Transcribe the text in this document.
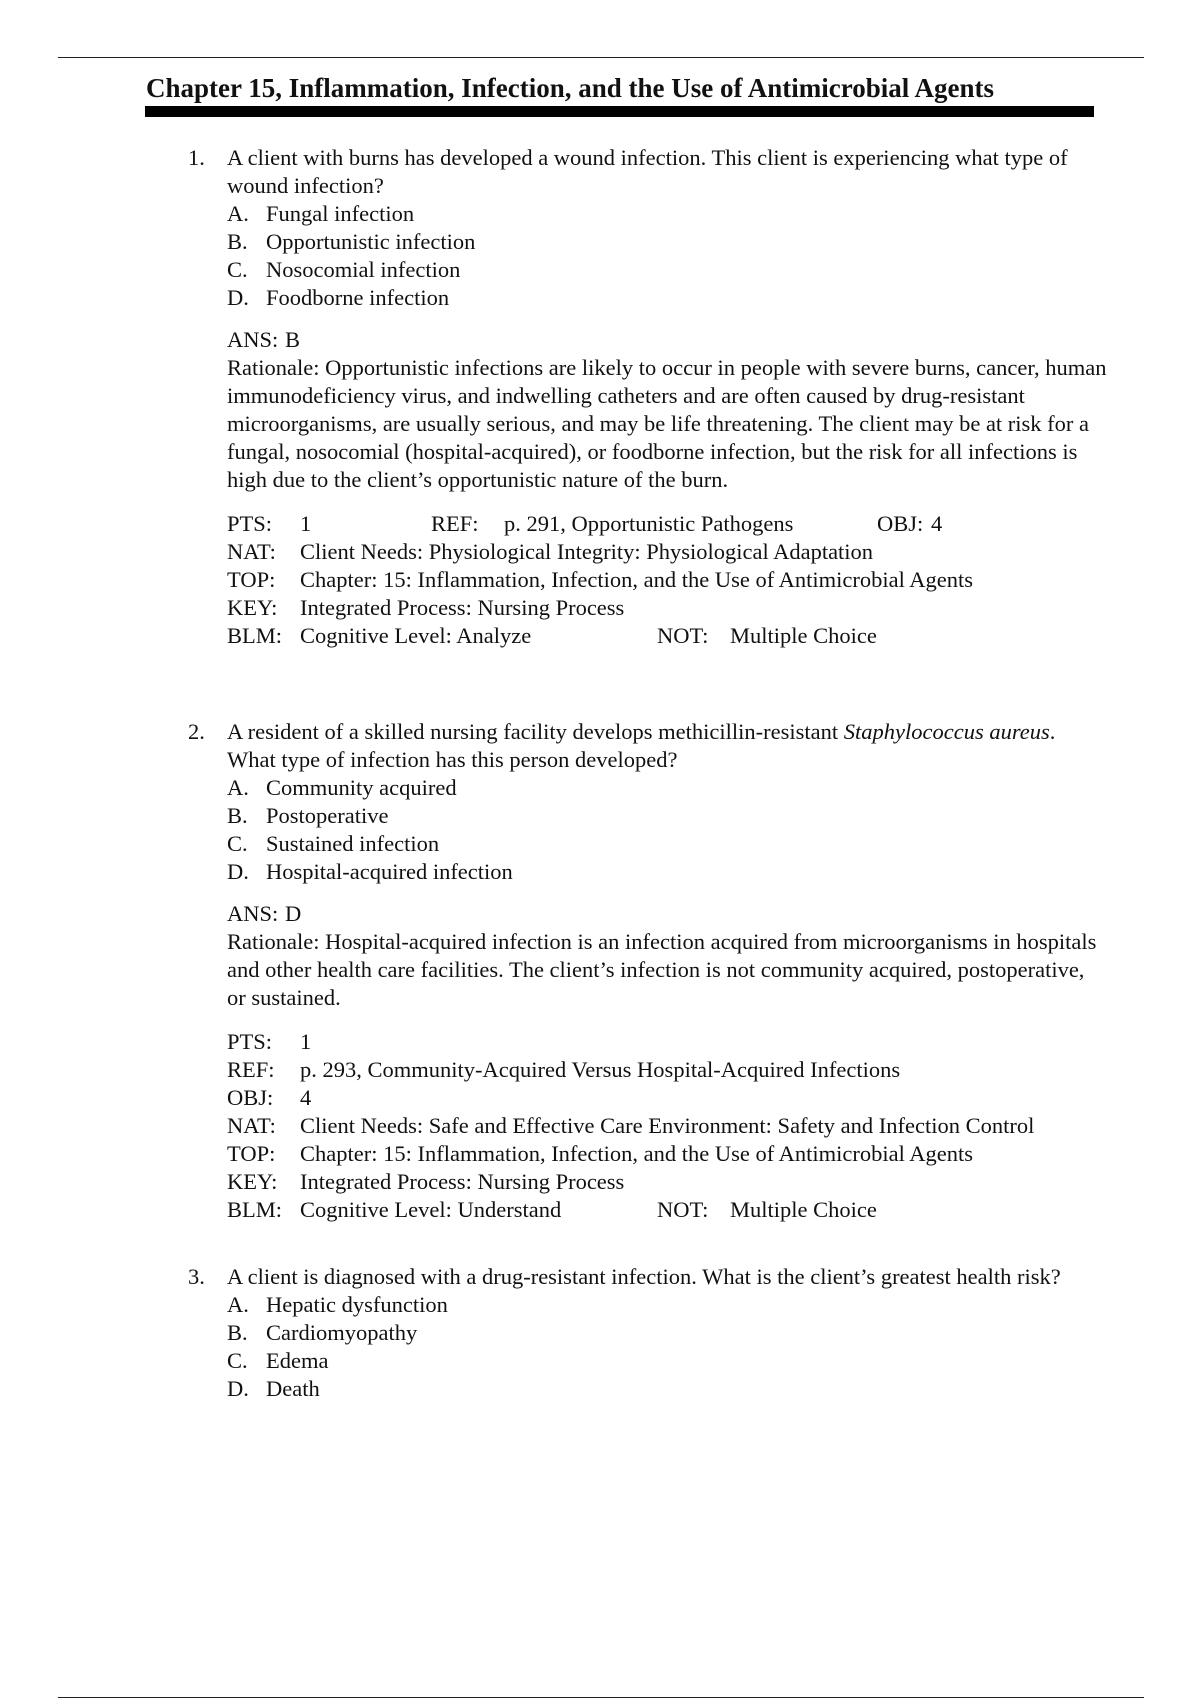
Chapter 15, Inflammation, Infection, and the Use of Antimicrobial Agents
1. A client with burns has developed a wound infection. This client is experiencing what type of wound infection?

A. Fungal infection
B. Opportunistic infection
C. Nosocomial infection
D. Foodborne infection
ANS: B

Rationale: Opportunistic infections are likely to occur in people with severe burns, cancer, human immunodeficiency virus, and indwelling catheters and are often caused by drug-resistant microorganisms, are usually serious, and may be life threatening. The client may be at risk for a fungal, nosocomial (hospital-acquired), or foodborne infection, but the risk for all infections is high due to the client’s opportunistic nature of the burn.

PTS:	1	REF:	p. 291, Opportunistic Pathogens	OBJ: 4
NAT:	Client Needs: Physiological Integrity: Physiological Adaptation
TOP:	Chapter: 15: Inflammation, Infection, and the Use of Antimicrobial Agents
KEY:	Integrated Process: Nursing Process
BLM: Cognitive Level: Analyze	NOT: Multiple Choice
2. A resident of a skilled nursing facility develops methicillin-resistant Staphylococcus aureus. What type of infection has this person developed?

A. Community acquired
B. Postoperative
C. Sustained infection
D. Hospital-acquired infection
ANS: D

Rationale: Hospital-acquired infection is an infection acquired from microorganisms in hospitals and other health care facilities. The client’s infection is not community acquired, postoperative, or sustained.

PTS:	1
REF:	p. 293, Community-Acquired Versus Hospital-Acquired Infections
OBJ:	4
NAT:	Client Needs: Safe and Effective Care Environment: Safety and Infection Control
TOP:	Chapter: 15: Inflammation, Infection, and the Use of Antimicrobial Agents
KEY:	Integrated Process: Nursing Process
BLM: Cognitive Level: Understand	NOT: Multiple Choice
3. A client is diagnosed with a drug-resistant infection. What is the client’s greatest health risk?

A. Hepatic dysfunction
B. Cardiomyopathy
C. Edema
D. Death
